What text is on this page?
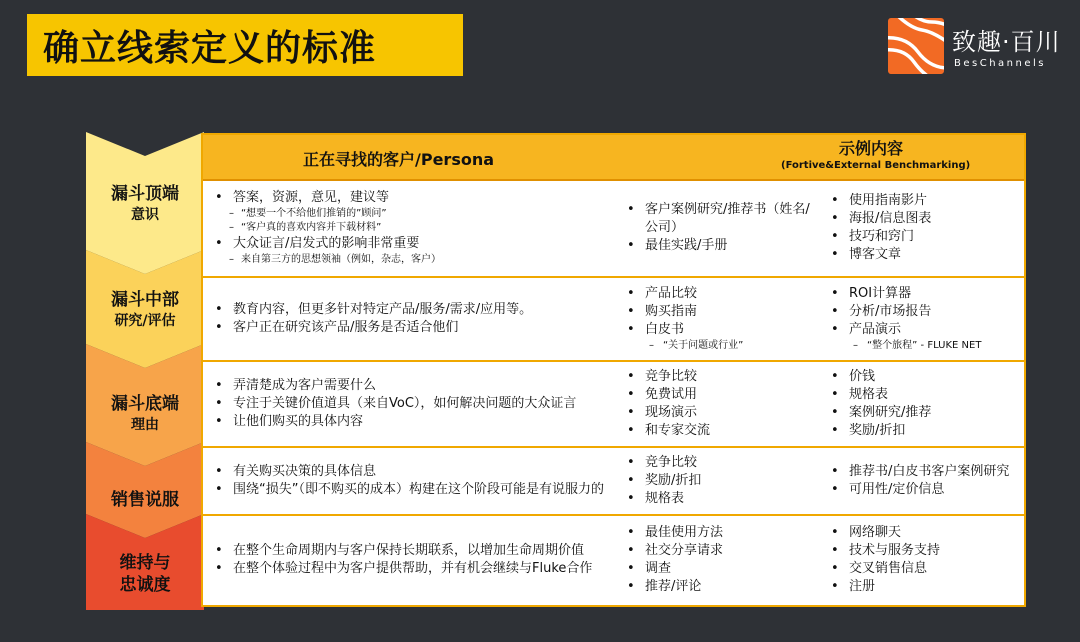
确立线索定义的标准	致趣·百川
BesChannels
漏斗顶端
意识
漏斗中部
研究/评估
漏斗底端
理由
销售说服
维持与
忠诚度
正在寻找的客户/Persona
示例内容
(Fortive&External Benchmarking)
• 答案，资源，意见，建议等
– “想要一个不给他们推销的”顾问”
– “客户真的喜欢内容并下载材料”
• 大众证言/启发式的影响非常重要
– 来自第三方的思想领袖（例如，杂志，客户）
• 客户案例研究/推荐书（姓名/公司）
• 最佳实践/手册
• 使用指南影片
• 海报/信息图表
• 技巧和窍门
• 博客文章
• 教育内容，但更多针对特定产品/服务/需求/应用等。
• 客户正在研究该产品/服务是否适合他们
• 产品比较
• 购买指南
• 白皮书
– “关于问题或行业”
• ROI计算器
• 分析/市场报告
• 产品演示
– “整个旅程” - FLUKE NET
• 弄清楚成为客户需要什么
• 专注于关键价值道具（来自VoC），如何解决问题的大众证言
• 让他们购买的具体内容
• 竞争比较
• 免费试用
• 现场演示
• 和专家交流
• 价钱
• 规格表
• 案例研究/推荐
• 奖励/折扣
• 有关购买决策的具体信息
• 围绕“损失”（即不购买的成本）构建在这个阶段可能是有说服力的
• 竞争比较
• 奖励/折扣
• 规格表
• 推荐书/白皮书客户案例研究
• 可用性/定价信息
• 在整个生命周期内与客户保持长期联系，以增加生命周期价值
• 在整个体验过程中为客户提供帮助，并有机会继续与Fluke合作
• 最佳使用方法
• 社交分享请求
• 调查
• 推荐/评论
• 网络聊天
• 技术与服务支持
• 交叉销售信息
• 注册
